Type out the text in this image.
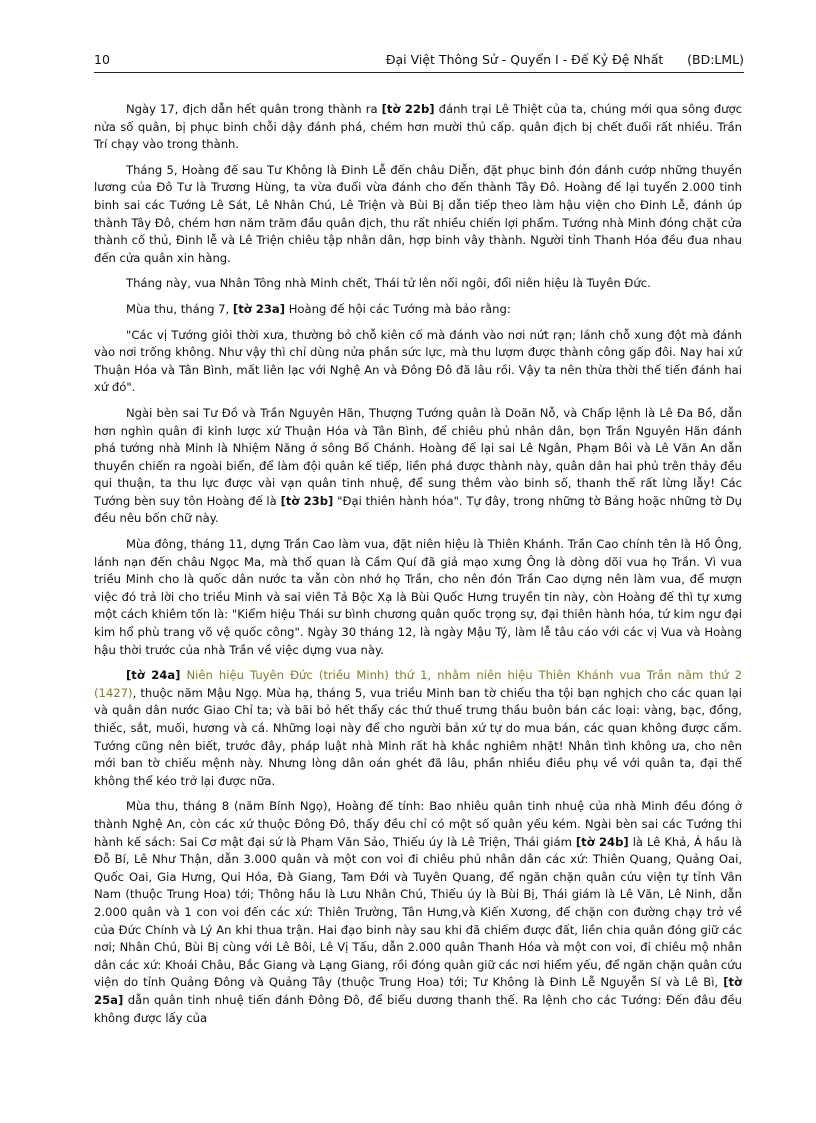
10	Đại Việt Thông Sử - Quyển I - Đế Kỷ Đệ Nhất      (BD:LML)

Ngày 17, địch dẫn hết quân trong thành ra [tờ 22b] đánh trại Lê Thiệt của ta, chúng mới qua sông được nửa số quân, bị phục binh chỗi dậy đánh phá, chém hơn mười thủ cấp. quân địch bị chết đuối rất nhiều. Trần Trí chạy vào trong thành.

Tháng 5, Hoàng đế sau Tư Không là Đinh Lễ đến châu Diễn, đặt phục binh đón đánh cướp những thuyền lương của Đô Tư là Trương Hùng, ta vừa đuổi vừa đánh cho đến thành Tây Đô. Hoàng đế lại tuyển 2.000 tinh binh sai các Tướng Lê Sát, Lê Nhân Chú, Lê Triện và Bùi Bị dẫn tiếp theo làm hậu viện cho Đinh Lễ, đánh úp thành Tây Đô, chém hơn năm trăm đầu quân địch, thu rất nhiều chiến lợi phẩm. Tướng nhà Minh đóng chặt cửa thành cố thủ, Đinh lễ và Lê Triện chiêu tập nhân dân, hợp binh vây thành. Người tỉnh Thanh Hóa đều đua nhau đến cửa quân xin hàng.

Tháng này, vua Nhân Tông nhà Minh chết, Thái tử lên nối ngôi, đổi niên hiệu là Tuyên Đức.

Mùa thu, tháng 7, [tờ 23a] Hoàng đế hội các Tướng mà bảo rằng:

"Các vị Tướng giỏi thời xưa, thường bỏ chỗ kiên cố mà đánh vào nơi nứt rạn; lánh chỗ xung đột mà đánh vào nơi trống không. Như vậy thì chỉ dùng nửa phần sức lực, mà thu lượm được thành công gấp đôi. Nay hai xứ Thuận Hóa và Tân Bình, mất liên lạc với Nghệ An và Đông Đô đã lâu rồi. Vậy ta nên thừa thời thế tiến đánh hai xứ đó".

Ngài bèn sai Tư Đồ và Trần Nguyên Hãn, Thượng Tướng quân là Doãn Nỗ, và Chấp lệnh là Lê Đa Bồ, dẫn hơn nghìn quân đi kinh lược xứ Thuận Hóa và Tân Bình, để chiêu phủ nhân dân, bọn Trần Nguyên Hãn đánh phá tướng nhà Minh là Nhiệm Năng ở sông Bố Chánh. Hoàng đế lại sai Lê Ngân, Phạm Bôi và Lê Văn An dẫn thuyền chiến ra ngoài biển, để làm đội quân kế tiếp, liền phá được thành này, quân dân hai phủ trên thảy đều qui thuận, ta thu lực được vài vạn quân tinh nhuệ, để sung thêm vào binh số, thanh thế rất lừng lẫy! Các Tướng bèn suy tôn Hoàng đế là [tờ 23b] "Đại thiên hành hóa". Tự đây, trong những tờ Bảng hoặc những tờ Dụ đều nêu bốn chữ này.

Mùa đông, tháng 11, dựng Trần Cao làm vua, đặt niên hiệu là Thiên Khánh. Trần Cao chính tên là Hồ Ông, lánh nạn đến châu Ngọc Ma, mà thổ quan là Cầm Quí đã giả mạo xưng Ông là dòng dõi vua họ Trần. Vì vua triều Minh cho là quốc dân nước ta vẫn còn nhớ họ Trần, cho nên đón Trần Cao dựng nên làm vua, để mượn việc đó trả lời cho triều Minh và sai viên Tả Bộc Xạ là Bùi Quốc Hưng truyền tin này, còn Hoàng đế thì tự xưng một cách khiêm tốn là: "Kiểm hiệu Thái sư bình chương quân quốc trọng sự, đại thiên hành hóa, tứ kim ngư đại kim hổ phù trang võ vệ quốc công". Ngày 30 tháng 12, là ngày Mậu Tý, làm lễ tâu cáo với các vị Vua và Hoàng hậu thời trước của nhà Trần về việc dựng vua này.

[tờ 24a] Niên hiệu Tuyên Đức (triều Minh) thứ 1, nhằm niên hiệu Thiên Khánh vua Trần năm thứ 2 (1427), thuộc năm Mậu Ngọ. Mùa hạ, tháng 5, vua triều Minh ban tờ chiếu tha tội bạn nghịch cho các quan lại và quân dân nước Giao Chỉ ta; và bãi bỏ hết thẩy các thứ thuế trưng thầu buôn bán các loại: vàng, bạc, đồng, thiếc, sắt, muối, hương và cá. Những loại này để cho người bản xứ tự do mua bán, các quan không được cấm. Tướng cũng nên biết, trước đây, pháp luật nhà Minh rất hà khắc nghiêm nhặt! Nhân tình không ưa, cho nên mới ban tờ chiếu mệnh này. Nhưng lòng dân oán ghét đã lâu, phần nhiều điều phụ về với quân ta, đại thế không thể kéo trở lại được nữa.

Mùa thu, tháng 8 (năm Bính Ngọ), Hoàng đế tính: Bao nhiêu quân tinh nhuệ của nhà Minh đều đóng ở thành Nghệ An, còn các xứ thuộc Đông Đô, thấy đều chỉ có một số quân yếu kém. Ngài bèn sai các Tướng thi hành kế sách: Sai Cơ mật đại sứ là Phạm Văn Sảo, Thiếu úy là Lê Triện, Thái giám [tờ 24b] là Lê Khả, Á hầu là Đỗ Bí, Lê Như Thận, dẫn 3.000 quân và một con voi đi chiêu phủ nhân dân các xứ: Thiên Quang, Quảng Oai, Quốc Oai, Gia Hưng, Qui Hóa, Đà Giang, Tam Đới và Tuyên Quang, để ngăn chặn quân cứu viện tự tỉnh Vân Nam (thuộc Trung Hoa) tới; Thông hầu là Lưu Nhân Chú, Thiếu úy là Bùi Bị, Thái giám là Lê Văn, Lê Ninh, dẫn 2.000 quân và 1 con voi đến các xứ: Thiên Trường, Tân Hưng,và Kiến Xương, để chặn con đường chạy trở về của Đức Chính và Lý An khi thua trận. Hai đạo binh này sau khi đã chiếm được đất, liền chia quân đóng giữ các nơi; Nhân Chú, Bùi Bị cùng với Lê Bôi, Lê Vị Tấu, dẫn 2.000 quân Thanh Hóa và một con voi, đi chiêu mộ nhân dân các xứ: Khoái Châu, Bắc Giang và Lạng Giang, rồi đóng quân giữ các nơi hiểm yếu, để ngăn chặn quân cứu viện do tỉnh Quảng Đông và Quảng Tây (thuộc Trung Hoa) tới; Tư Không là Đinh Lễ Nguyễn Sí và Lê Bì, [tờ 25a] dẫn quân tinh nhuệ tiến đánh Đông Đô, để biểu dương thanh thế. Ra lệnh cho các Tướng: Đến đâu đều không được lấy của
